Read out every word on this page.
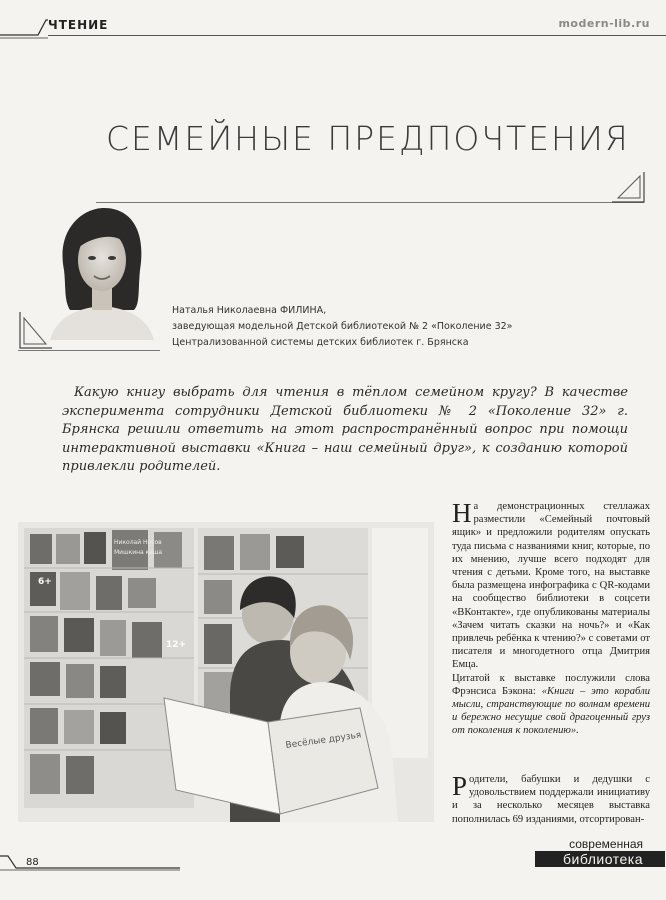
ЧТЕНИЕ	modern-lib.ru
СЕМЕЙНЫЕ ПРЕДПОЧТЕНИЯ
Наталья Николаевна ФИЛИНА,
заведующая модельной Детской библиотекой № 2 «Поколение 32»
Централизованной системы детских библиотек г. Брянска
Какую книгу выбрать для чтения в тёплом семейном кругу? В качестве эксперимента сотрудники Детской библиотеки № 2 «Поколение 32» г. Брянска решили ответить на этот распространённый вопрос при помощи интерактивной выставки «Книга – наш семейный друг», к созданию которой привлекли родителей.
Николай Носов
Мишкина каша
6+
12+
Весёлые друзья

На демонстрационных стеллажах разместили «Семейный почтовый ящик» и предложили родителям опускать туда письма с названиями книг, которые, по их мнению, лучше всего подходят для чтения с детьми. Кроме того, на выставке была размещена инфографика с QR-кодами на сообщество библиотеки в соцсети «ВКонтакте», где опубликованы материалы «Зачем читать сказки на ночь?» и «Как привлечь ребёнка к чтению?» с советами от писателя и многодетного отца Дмитрия Емца.

Цитатой к выставке послужили слова Фрэнсиса Бэкона: «Книги – это корабли мысли, странствующие по волнам времени и бережно несущие свой драгоценный груз от поколения к поколению».

Родители, бабушки и дедушки с удовольствием поддержали инициативу и за несколько месяцев выставка пополнилась 69 изданиями, отсортирован-

88
современная
библиотека
